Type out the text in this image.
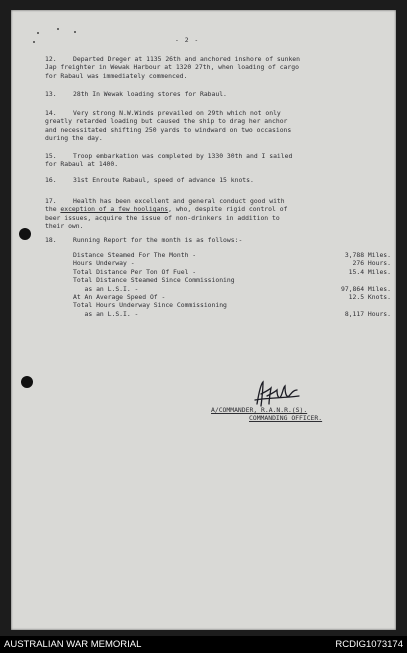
- 2 -
12.	Departed Dreger at 1135 26th and anchored inshore of sunken
Jap freighter in Wewak Harbour at 1320 27th, when loading of cargo
for Rabaul was immediately commenced.
13.	28th In Wewak loading stores for Rabaul.
14.	Very strong N.W.Winds prevailed on 29th which not only
greatly retarded loading but caused the ship to drag her anchor
and necessitated shifting 250 yards to windward on two occasions
during the day.
15.	Troop embarkation was completed by 1330 30th and I sailed
for Rabaul at 1400.
16.	31st Enroute Rabaul, speed of advance 15 knots.
17.	Health has been excellent and general conduct good with
the exception of a few hooligans, who, despite rigid control of
beer issues, acquire the issue of non-drinkers in addition to
their own.
18.	Running Report for the month is as follows:-
Distance Steamed For The Month -	3,788 Miles.
Hours Underway -	276 Hours.
Total Distance Per Ton Of Fuel -	15.4 Miles.
Total Distance Steamed Since Commissioning
as an L.S.I. -	97,864 Miles.
At An Average Speed Of -	12.5 Knots.
Total Hours Underway Since Commissioning
as an L.S.I. -	8,117 Hours.
A/COMMANDER, R.A.N.R.(S).
COMMANDING OFFICER.
AUSTRALIAN WAR MEMORIAL	RCDIG1073174
